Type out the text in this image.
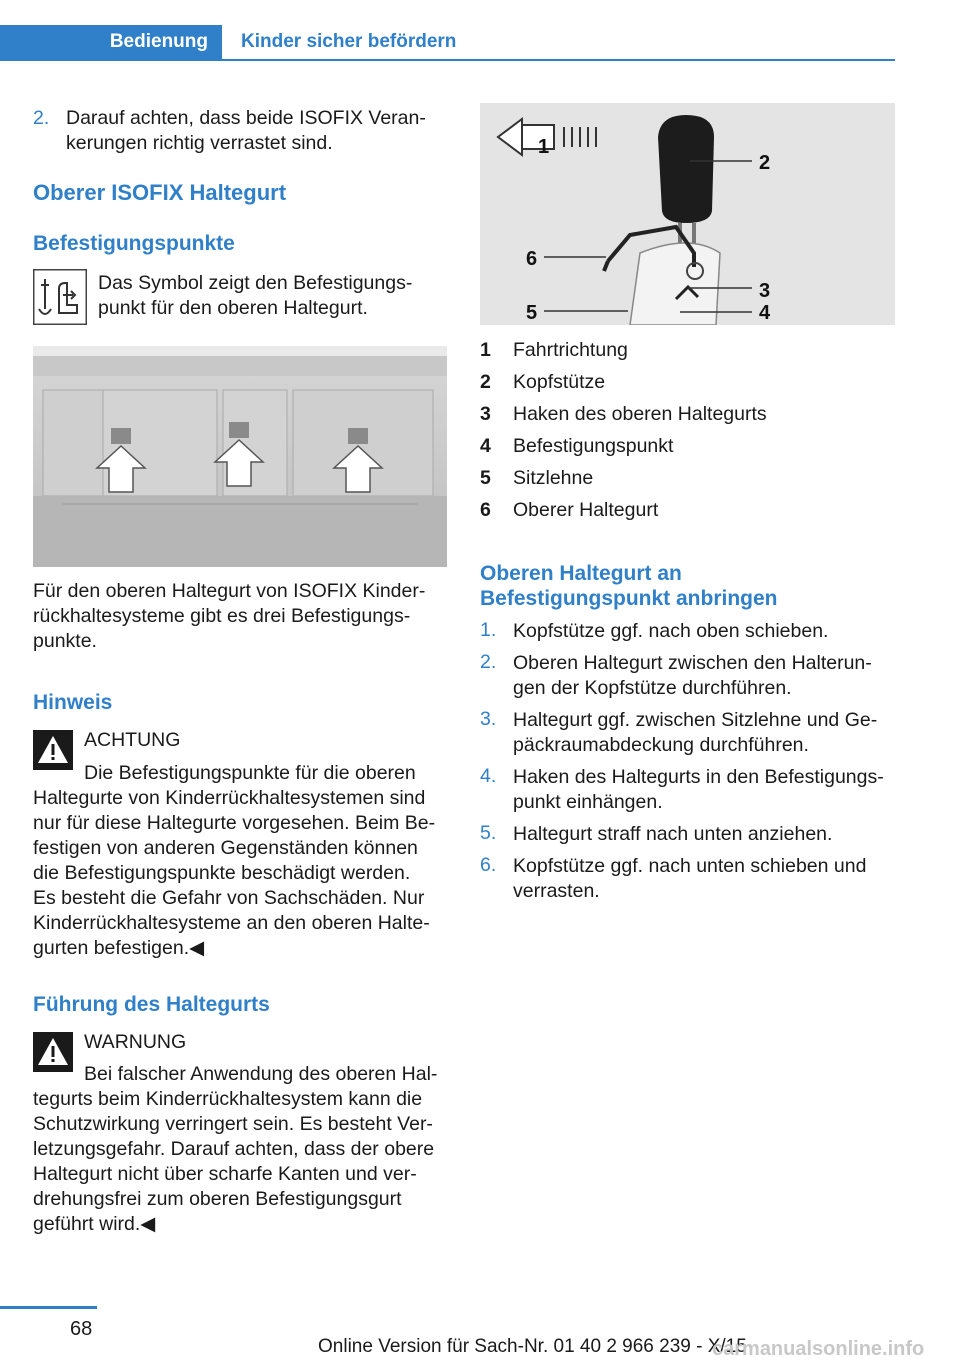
Bedienung	Kinder sicher befördern
2. Darauf achten, dass beide ISOFIX Veran-
kerungen richtig verrastet sind.
Oberer ISOFIX Haltegurt
Befestigungspunkte
Das Symbol zeigt den Befestigungs-
punkt für den oberen Haltegurt.
Für den oberen Haltegurt von ISOFIX Kinder-
rückhaltesysteme gibt es drei Befestigungs-
punkte.
Hinweis
ACHTUNG
Die Befestigungspunkte für die oberen
Haltegurte von Kinderrückhaltesystemen sind
nur für diese Haltegurte vorgesehen. Beim Be-
festigen von anderen Gegenständen können
die Befestigungspunkte beschädigt werden.
Es besteht die Gefahr von Sachschäden. Nur
Kinderrückhaltesysteme an den oberen Halte-
gurten befestigen.◀
Führung des Haltegurts
WARNUNG
Bei falscher Anwendung des oberen Hal-
tegurts beim Kinderrückhaltesystem kann die
Schutzwirkung verringert sein. Es besteht Ver-
letzungsgefahr. Darauf achten, dass der obere
Haltegurt nicht über scharfe Kanten und ver-
drehungsfrei zum oberen Befestigungsgurt
geführt wird.◀
1
2
3
4
5
6
1 Fahrtrichtung
2 Kopfstütze
3 Haken des oberen Haltegurts
4 Befestigungspunkt
5 Sitzlehne
6 Oberer Haltegurt
Oberen Haltegurt an
Befestigungspunkt anbringen
1. Kopfstütze ggf. nach oben schieben.
2. Oberen Haltegurt zwischen den Halterun-
gen der Kopfstütze durchführen.
3. Haltegurt ggf. zwischen Sitzlehne und Ge-
päckraumabdeckung durchführen.
4. Haken des Haltegurts in den Befestigungs-
punkt einhängen.
5. Haltegurt straff nach unten anziehen.
6. Kopfstütze ggf. nach unten schieben und
verrasten.
68
Online Version für Sach-Nr. 01 40 2 966 239 - X/15
carmanualsonline.info
